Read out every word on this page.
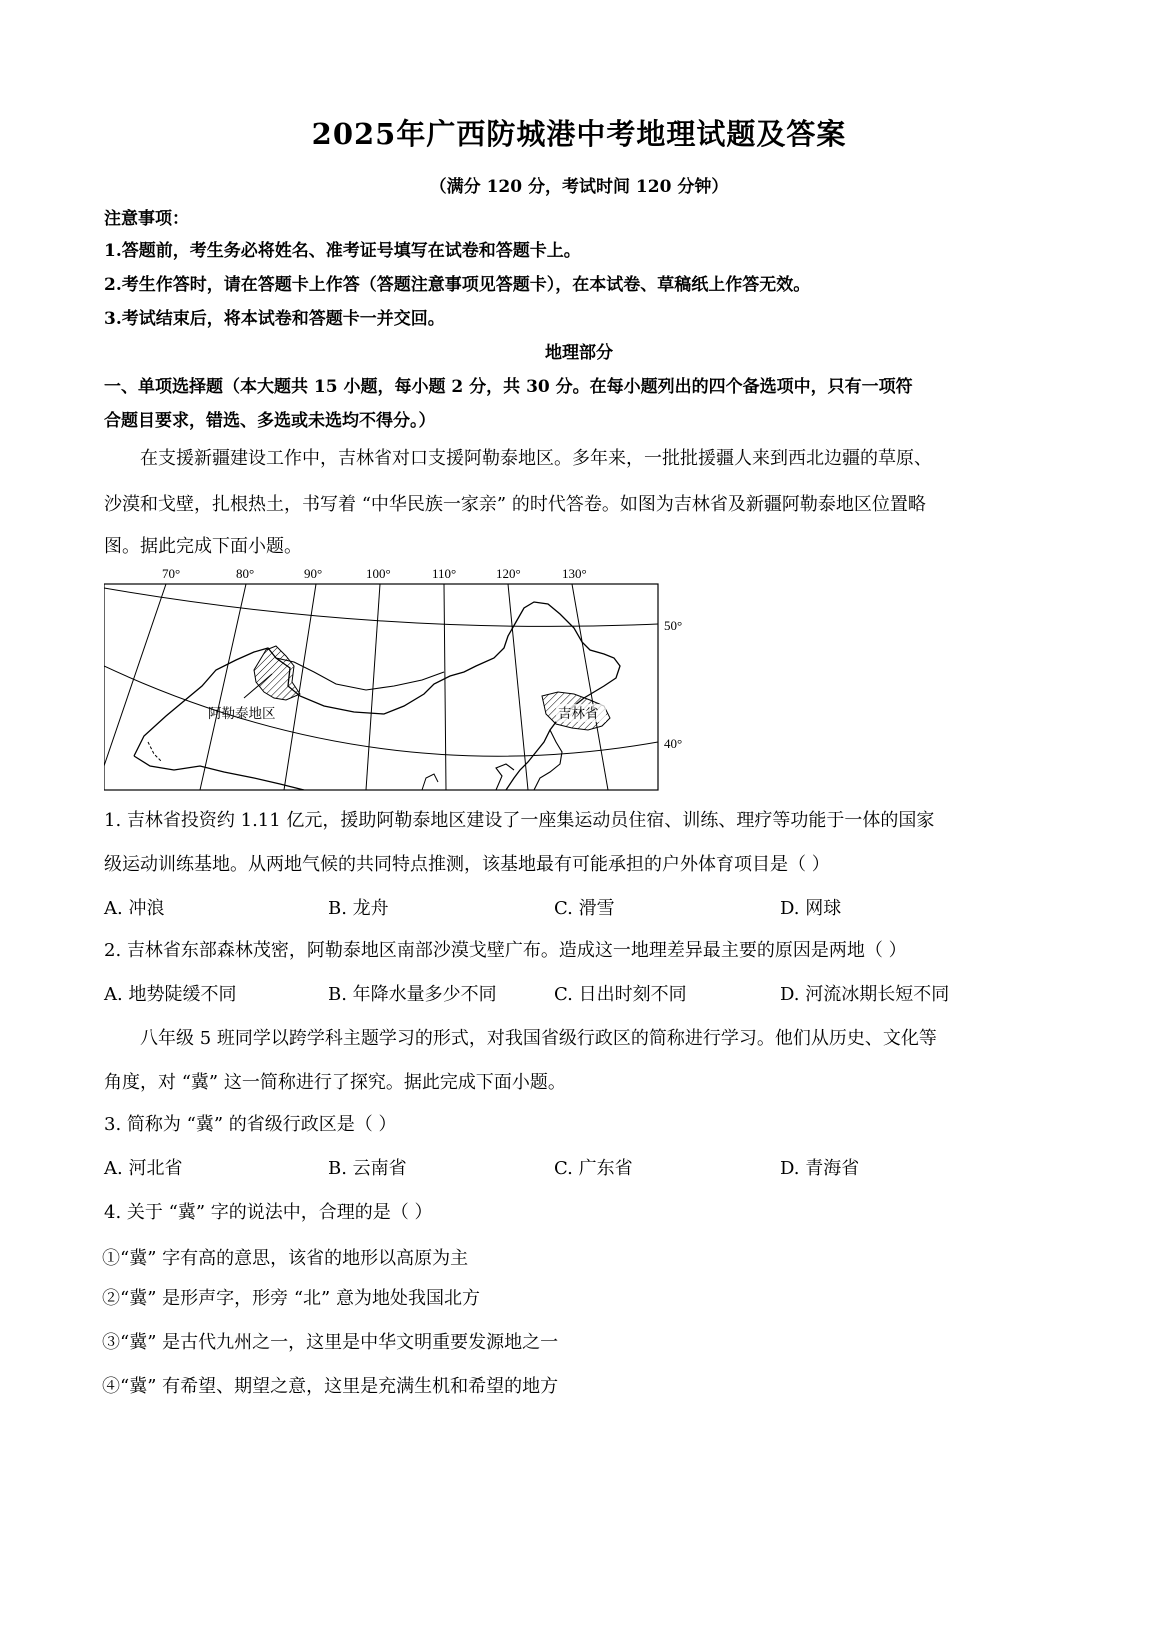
2025年广西防城港中考地理试题及答案
（满分 120 分，考试时间 120 分钟）
注意事项：
1.答题前，考生务必将姓名、准考证号填写在试卷和答题卡上。
2.考生作答时，请在答题卡上作答（答题注意事项见答题卡），在本试卷、草稿纸上作答无效。
3.考试结束后，将本试卷和答题卡一并交回。
地理部分
一、单项选择题（本大题共 15 小题，每小题 2 分，共 30 分。在每小题列出的四个备选项中，只有一项符
合题目要求，错选、多选或未选均不得分。）
在支援新疆建设工作中，吉林省对口支援阿勒泰地区。多年来，一批批援疆人来到西北边疆的草原、
沙漠和戈壁，扎根热土，书写着 “中华民族一家亲” 的时代答卷。如图为吉林省及新疆阿勒泰地区位置略
图。据此完成下面小题。
70°	80°	90°	100°	110°	120°	130°
50°
40°
阿勒泰地区	吉林省
1. 吉林省投资约 1.11 亿元，援助阿勒泰地区建设了一座集运动员住宿、训练、理疗等功能于一体的国家
级运动训练基地。从两地气候的共同特点推测，该基地最有可能承担的户外体育项目是（ ）
A. 冲浪	B. 龙舟	C. 滑雪	D. 网球
2. 吉林省东部森林茂密，阿勒泰地区南部沙漠戈壁广布。造成这一地理差异最主要的原因是两地（ ）
A. 地势陡缓不同	B. 年降水量多少不同	C. 日出时刻不同	D. 河流冰期长短不同
八年级 5 班同学以跨学科主题学习的形式，对我国省级行政区的简称进行学习。他们从历史、文化等
角度，对 “冀” 这一简称进行了探究。据此完成下面小题。
3. 简称为 “冀” 的省级行政区是（ ）
A. 河北省	B. 云南省	C. 广东省	D. 青海省
4. 关于 “冀” 字的说法中，合理的是（ ）
①“冀” 字有高的意思，该省的地形以高原为主
②“冀” 是形声字，形旁 “北” 意为地处我国北方
③“冀” 是古代九州之一，这里是中华文明重要发源地之一
④“冀” 有希望、期望之意，这里是充满生机和希望的地方
